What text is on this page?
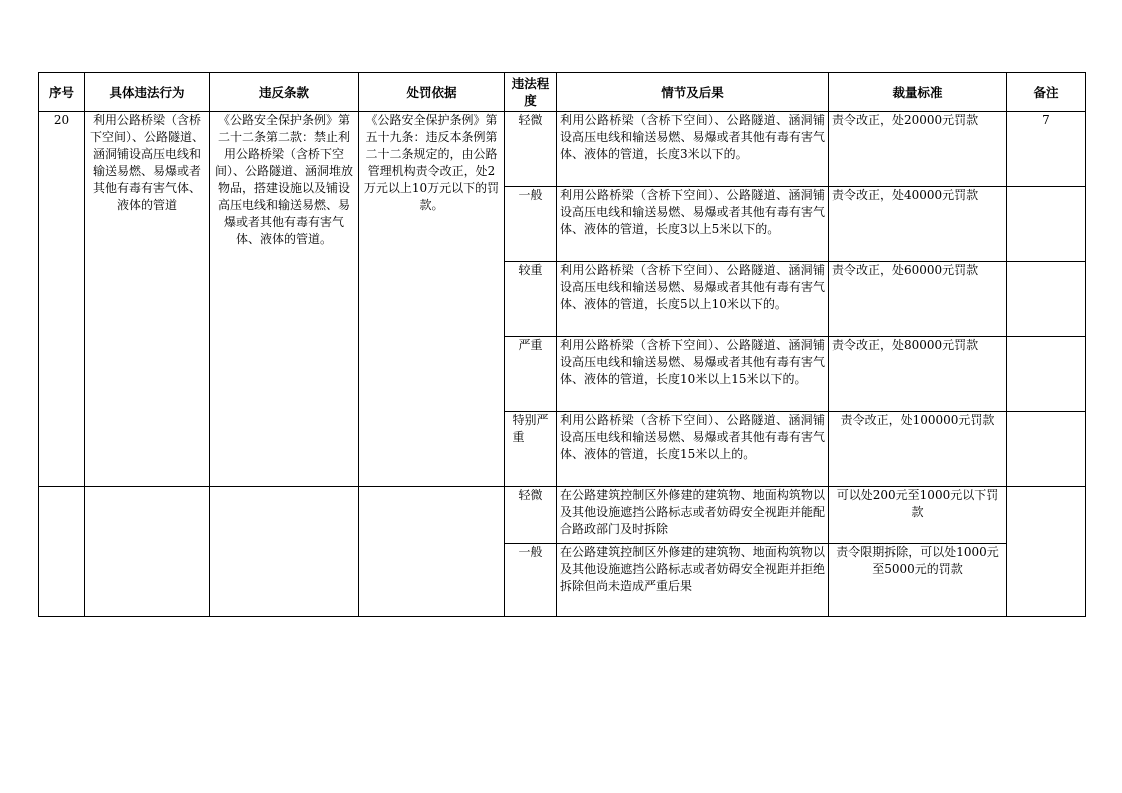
序号	具体违法行为	违反条款	处罚依据	违法程度	情节及后果	裁量标准	备注
20	利用公路桥梁（含桥下空间）、公路隧道、涵洞铺设高压电线和输送易燃、易爆或者其他有毒有害气体、液体的管道	《公路安全保护条例》第二十二条第二款：禁止利用公路桥梁（含桥下空间）、公路隧道、涵洞堆放物品，搭建设施以及铺设高压电线和输送易燃、易爆或者其他有毒有害气体、液体的管道。	《公路安全保护条例》第五十九条：违反本条例第二十二条规定的，由公路管理机构责令改正，处2万元以上10万元以下的罚款。	轻微	利用公路桥梁（含桥下空间）、公路隧道、涵洞铺设高压电线和输送易燃、易爆或者其他有毒有害气体、液体的管道，长度3米以下的。	责令改正，处20000元罚款	7
				一般	利用公路桥梁（含桥下空间）、公路隧道、涵洞铺设高压电线和输送易燃、易爆或者其他有毒有害气体、液体的管道，长度3以上5米以下的。	责令改正，处40000元罚款	
				较重	利用公路桥梁（含桥下空间）、公路隧道、涵洞铺设高压电线和输送易燃、易爆或者其他有毒有害气体、液体的管道，长度5以上10米以下的。	责令改正，处60000元罚款	
				严重	利用公路桥梁（含桥下空间）、公路隧道、涵洞铺设高压电线和输送易燃、易爆或者其他有毒有害气体、液体的管道，长度10米以上15米以下的。	责令改正，处80000元罚款	
				特别严重	利用公路桥梁（含桥下空间）、公路隧道、涵洞铺设高压电线和输送易燃、易爆或者其他有毒有害气体、液体的管道，长度15米以上的。	责令改正，处100000元罚款	
				轻微	在公路建筑控制区外修建的建筑物、地面构筑物以及其他设施遮挡公路标志或者妨碍安全视距并能配合路政部门及时拆除	可以处200元至1000元以下罚款	
				一般	在公路建筑控制区外修建的建筑物、地面构筑物以及其他设施遮挡公路标志或者妨碍安全视距并拒绝拆除但尚未造成严重后果	责令限期拆除，可以处1000元至5000元的罚款	
